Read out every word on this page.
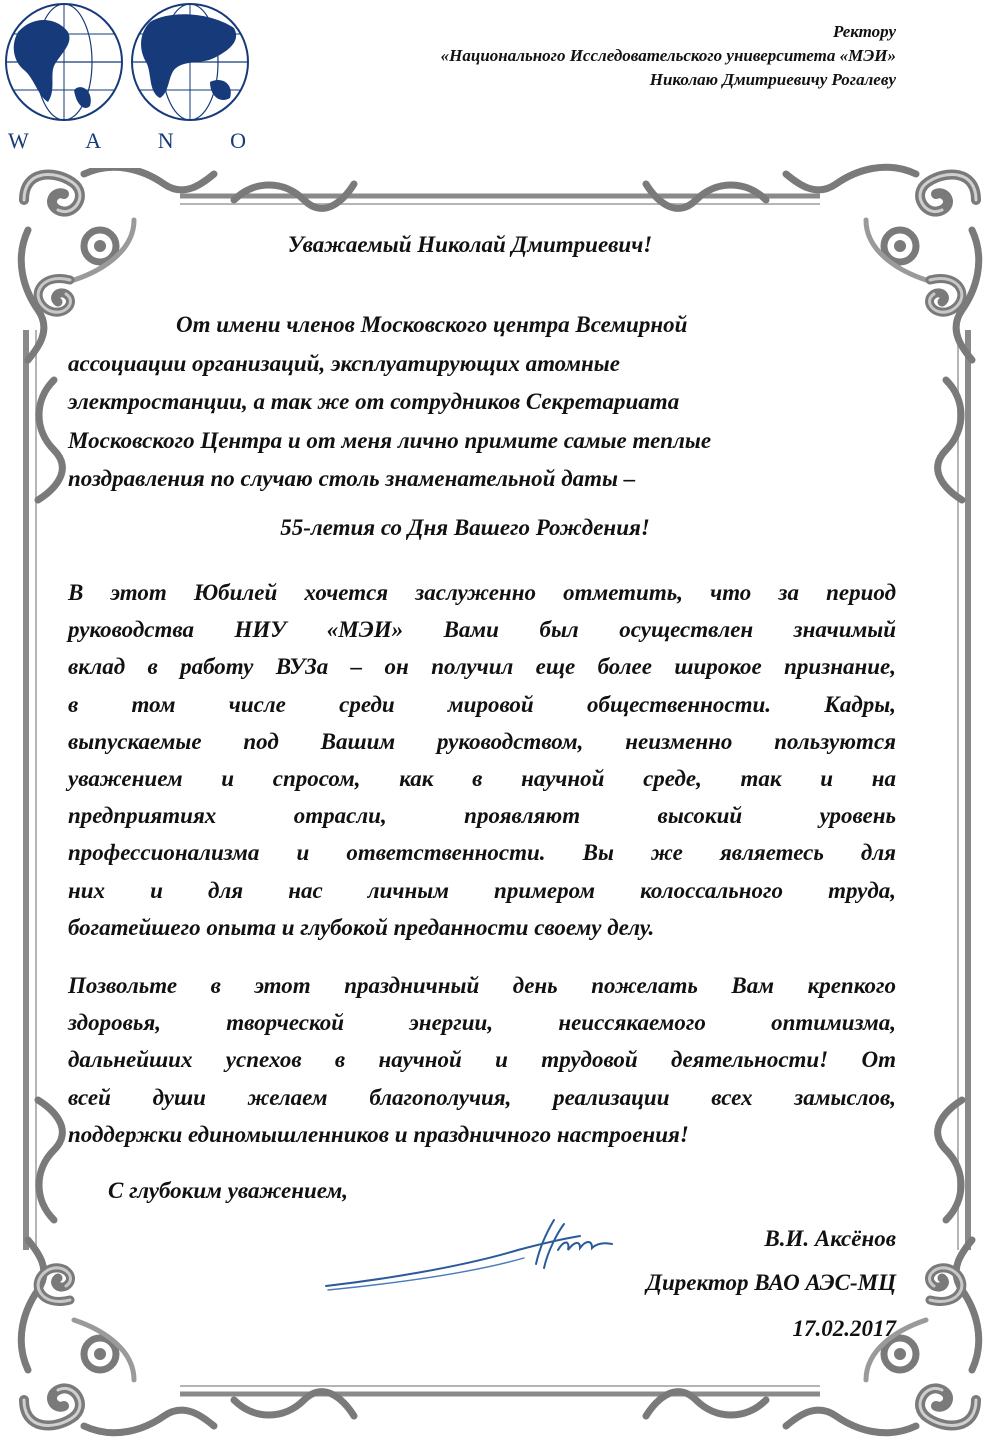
W A N O
Ректору
«Национального Исследовательского университета «МЭИ»
Николаю Дмитриевичу Рогалеву
Уважаемый Николай Дмитриевич!
От имени членов Московского центра Всемирной
ассоциации организаций, эксплуатирующих атомные
электростанции, а так же от сотрудников Секретариата
Московского Центра и от меня лично примите самые теплые
поздравления по случаю столь знаменательной даты –
55-летия со Дня Вашего Рождения!
В этот Юбилей хочется заслуженно отметить, что за период
руководства НИУ «МЭИ» Вами был осуществлен значимый
вклад в работу ВУЗа – он получил еще более широкое признание,
в том числе среди мировой общественности. Кадры,
выпускаемые под Вашим руководством, неизменно пользуются
уважением и спросом, как в научной среде, так и на
предприятиях отрасли, проявляют высокий уровень
профессионализма и ответственности. Вы же являетесь для
них и для нас личным примером колоссального труда,
богатейшего опыта и глубокой преданности своему делу.
Позвольте в этот праздничный день пожелать Вам крепкого
здоровья, творческой энергии, неиссякаемого оптимизма,
дальнейших успехов в научной и трудовой деятельности! От
всей души желаем благополучия, реализации всех замыслов,
поддержки единомышленников и праздничного настроения!
С глубоким уважением,
В.И. Аксёнов
Директор ВАО АЭС-МЦ
17.02.2017
